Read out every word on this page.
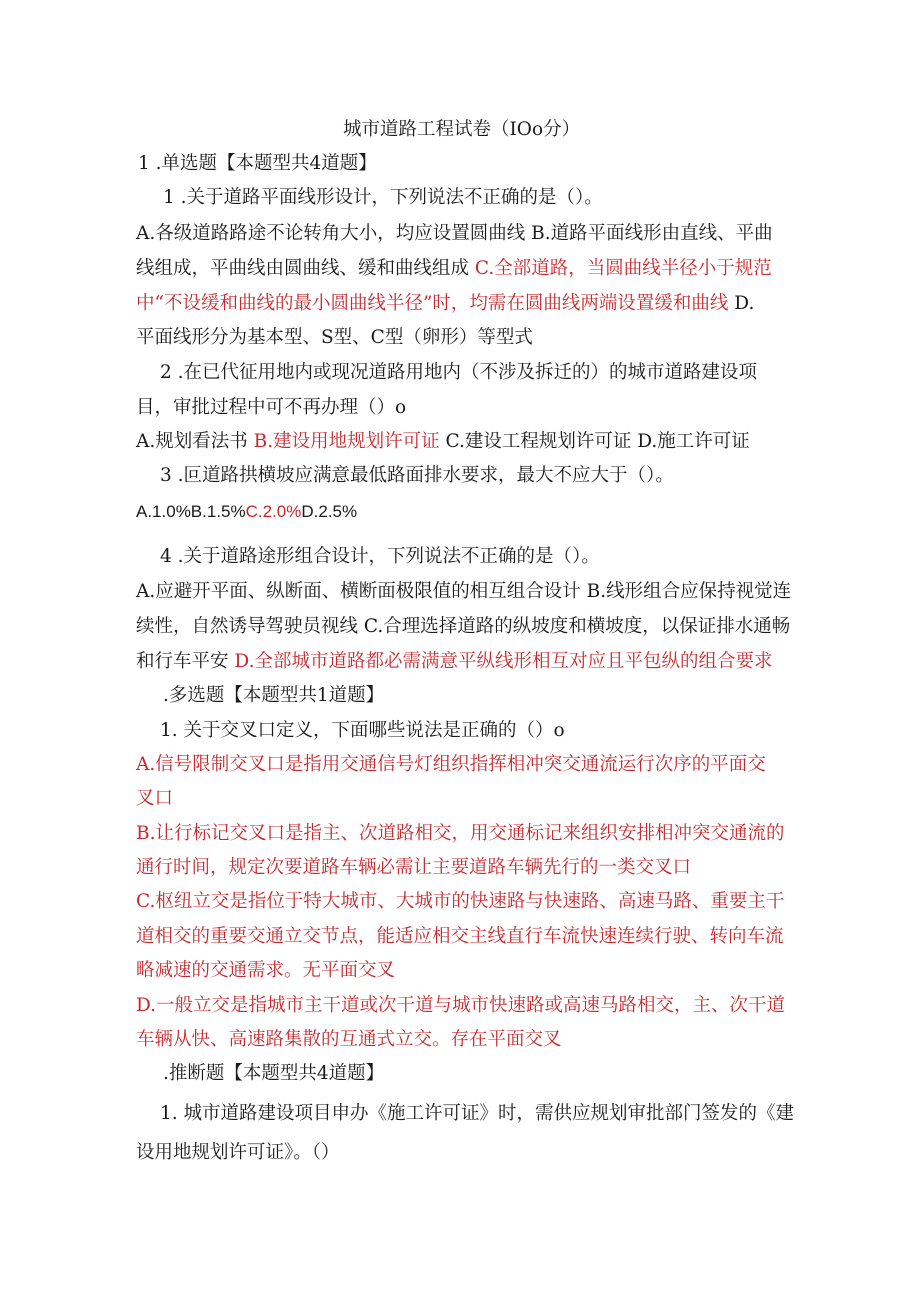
城市道路工程试卷（IOo分）
1 .单选题【本题型共4道题】
1 .关于道路平面线形设计，下列说法不正确的是（）。
A.各级道路路途不论转角大小，均应设置圆曲线 B.道路平面线形由直线、平曲
线组成，平曲线由圆曲线、缓和曲线组成 C.全部道路，当圆曲线半径小于规范
中“不设缓和曲线的最小圆曲线半径”时，均需在圆曲线两端设置缓和曲线 D.
平面线形分为基本型、S型、C型（卵形）等型式
2 .在已代征用地内或现况道路用地内（不涉及拆迁的）的城市道路建设项
目，审批过程中可不再办理（）o
A.规划看法书 B.建设用地规划许可证 C.建设工程规划许可证 D.施工许可证
3 .叵道路拱横坡应满意最低路面排水要求，最大不应大于（）。
A.1.0%B.1.5%C.2.0%D.2.5%
4 .关于道路途形组合设计，下列说法不正确的是（）。
A.应避开平面、纵断面、横断面极限值的相互组合设计 B.线形组合应保持视觉连
续性，自然诱导驾驶员视线 C.合理选择道路的纵坡度和横坡度，以保证排水通畅
和行车平安 D.全部城市道路都必需满意平纵线形相互对应且平包纵的组合要求
.多选题【本题型共1道题】
1. 关于交叉口定义，下面哪些说法是正确的（）o
A.信号限制交叉口是指用交通信号灯组织指挥相冲突交通流运行次序的平面交
叉口
B.让行标记交叉口是指主、次道路相交，用交通标记来组织安排相冲突交通流的
通行时间，规定次要道路车辆必需让主要道路车辆先行的一类交叉口
C.枢纽立交是指位于特大城市、大城市的快速路与快速路、高速马路、重要主干
道相交的重要交通立交节点，能适应相交主线直行车流快速连续行驶、转向车流
略减速的交通需求。无平面交叉
D.一般立交是指城市主干道或次干道与城市快速路或高速马路相交，主、次干道
车辆从快、高速路集散的互通式立交。存在平面交叉
.推断题【本题型共4道题】
1. 城市道路建设项目申办《施工许可证》时，需供应规划审批部门签发的《建
设用地规划许可证》。（）
